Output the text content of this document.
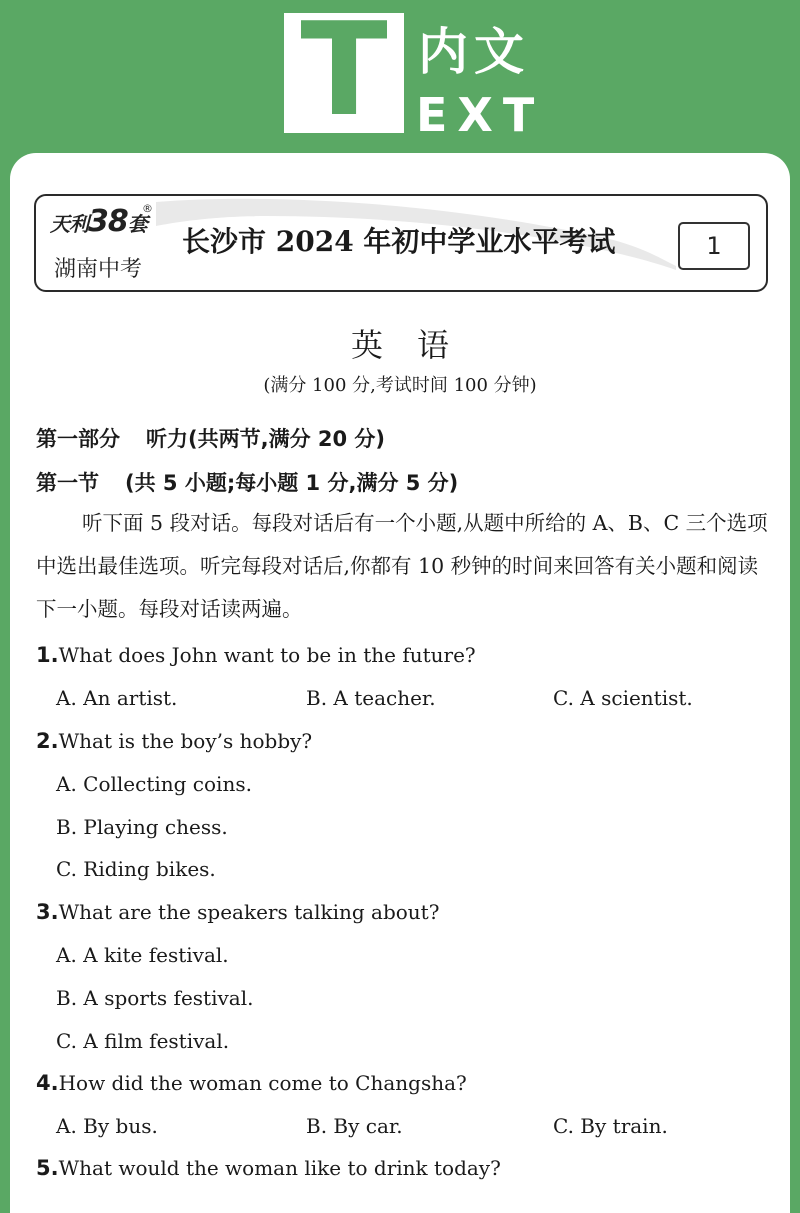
T 内文
EXT
天利38套
®
湖南中考
长沙市 2024 年初中学业水平考试	1
英语
(满分 100 分,考试时间 100 分钟)
第一部分 听力(共两节,满分 20 分)
第一节 (共 5 小题;每小题 1 分,满分 5 分)
听下面 5 段对话。每段对话后有一个小题,从题中所给的 A、B、C 三个选项中选出最佳选项。听完每段对话后,你都有 10 秒钟的时间来回答有关小题和阅读下一小题。每段对话读两遍。
1.What does John want to be in the future?
A. An artist.	B. A teacher.	C. A scientist.
2.What is the boy’s hobby?
A. Collecting coins.
B. Playing chess.
C. Riding bikes.
3.What are the speakers talking about?
A. A kite festival.
B. A sports festival.
C. A film festival.
4.How did the woman come to Changsha?
A. By bus.	B. By car.	C. By train.
5.What would the woman like to drink today?
